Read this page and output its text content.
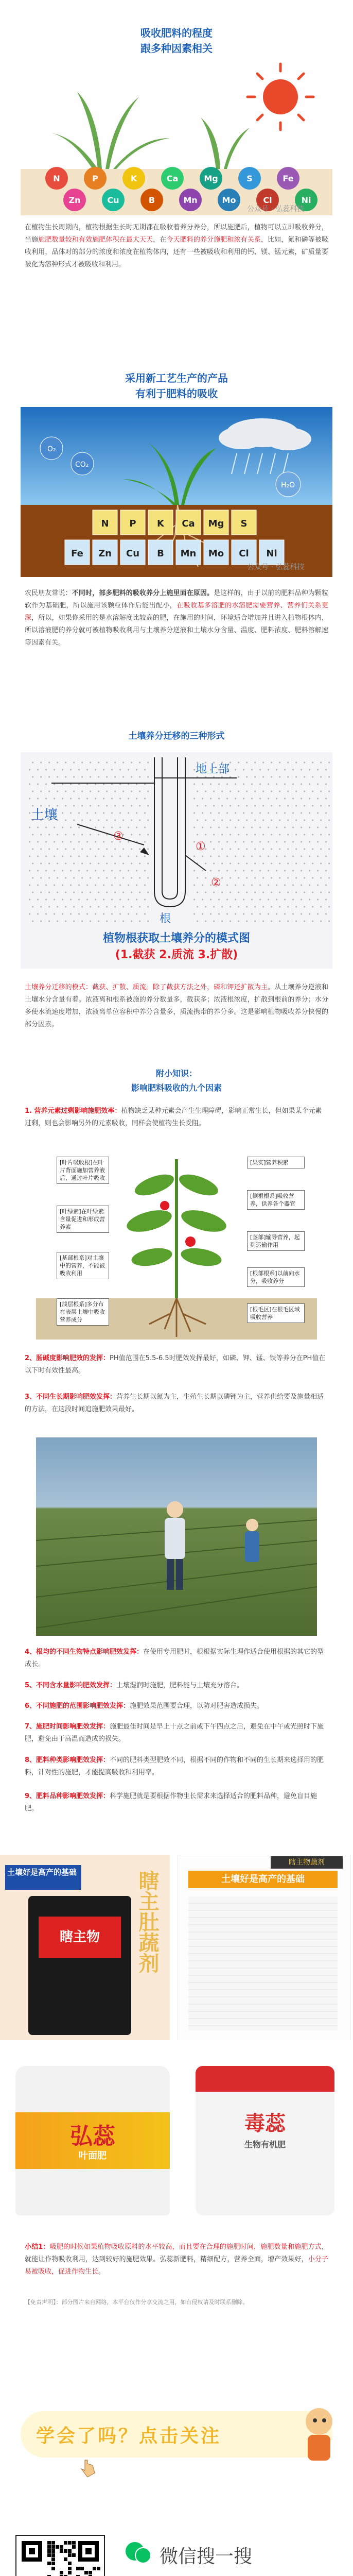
吸收肥料的程度
跟多种因素相关
N	P	K	Ca	Mg	S	Fe
Zn	Cu	B	Mn	Mo	Cl	Ni
公众号 · 弘蕊科技
在植物生长周期内，植物根据生长时无期都在吸收着养分养分，所以施肥后，植物可以立即吸收养分，当施施肥数量较和有效施肥体积在最大天天，在今天肥料的养分施肥和浓有关系，比如，氮和磷等被吸收利用，品体对的部分的浓度和浓度在植物体内，还有一些被吸收和利用的钙、镁、锰元素，矿质量要被化为溶种形式才被吸收和利用。
采用新工艺生产的产品
有利于肥料的吸收
O₂
CO₂
H₂O
N P K Ca Mg S
Fe Zn Cu B Mn Mo Cl Ni
公众号 · 弘蕊科技
农民朋友常说：不同时，部多肥料的吸收养分上施里面在原因。是这样的，由于以前的肥料品种为颗粒软作为基础肥，所以施用该颗粒体作后能出配小，在吸收基多溶肥的水溶肥需要营养、营养们关系更深，所以，如果你采用的是水溶解度比较高的肥，在施用的时间，环境适合增加并且进入植物根体内，所以溶液肥的养分就可被植物吸收利用与土壤养分逆液和土壤水分含量、温度、肥料浓度、肥料溶解速等因素有关。
土壤养分迁移的三种形式
地上部
土壤
根
③
①
②
植物根获取土壤养分的模式图
(1.截获 2.质流 3.扩散)
土壤养分迁移的模式：截获、扩散、质流。除了截获方法之外，磷和钾还扩散为主。从土壤养分逆液和土壤水分含量有着。浓液离和根系被施的养分数量多，截获多；浓液根浓度，扩散到根前的养分；水分多使水流速度增加，浓液离单位容积中养分含量多，质流携带的养分多。这是影响植物吸收养分快慢的部分因素。
附小知识：
影响肥料吸收的九个因素
1. 营养元素过剩影响施肥效率：植物缺乏某种元素会产生生理障碍，影响正常生长，但如果某个元素过剩，则也会影响另外的元素吸收，同样会使植物生长受阻。
[叶片吸收根]在叶片背面施加营养液后，通过叶片吸收
[叶绿素]在叶绿素含量促进和形成营养素
[基部根系]对土壤中的营养，不能被吸收利用
[浅层根系]多分布在表层土壤中吸收营养成分
[果实]营养积累
[侧根根系]吸收营养，供养各个器官
[茎部]输导营养，起到运输作用
[根部根系]以前向水分，吸收养分
[根毛区]在根毛区域吸收营养
2、肠碱度影响肥效的发挥：PH值范围在5.5-6.5时肥效发挥最好，如磷、钾、锰、铁等养分在PH值在以下时有效性最高。
3、不同生长期影响肥效发挥：营养生长期以氮为主，生殖生长期以磷钾为主，营养供给要及施量相适的方法，在这段时间追施肥效果最好。
4、根均的不同生物特点影响肥效发挥：在使用专用肥时，根根据实际生理作适合使用根据的其它的型成长。
5、不同含水量影响肥效发挥：土壤湿润时施肥，肥料能与土壤充分溶合。
6、不同施肥的范围影响肥效发挥：施肥效果范围要合理，以防对肥害造成损失。
7、施肥时间影响肥效发挥：施肥最佳时间是早上十点之前或下午四点之后，避免在中午或光照时下施肥，避免由于高温而造成的损失。
8、肥料种类影响肥效发挥：不同的肥料类型肥效不同，根据不同的作物和不同的生长期来选择用的肥料，针对性的施肥，才能提高吸收和利用率。
9、肥料品种影响肥效发挥：科学施肥就是要根据作物生长需求来选择适合的肥料品种，避免盲目施肥。
土壤好是高产的基础
瞎主物	瞎主肚蔬剂	土壤好是高产的基础
瞎主物蔬剂
弘蕊
叶面肥
毒蕊
生物有机肥
小结1：吸肥的时候如果植物吸收原料的水平较高，而且要在合理的施肥时间，施肥数量和施肥方式，就能让作物吸收利用，达到较好的施肥效果。弘蕊新肥料，精细配方，营养全面，增产效果好，小分子易被吸收，促进作物生长。
【免责声明】：部分图片来自网络，本平台仅作分享交流之用，如有侵权请及时联系删除。
学会了吗？点击关注
微信搜一搜
